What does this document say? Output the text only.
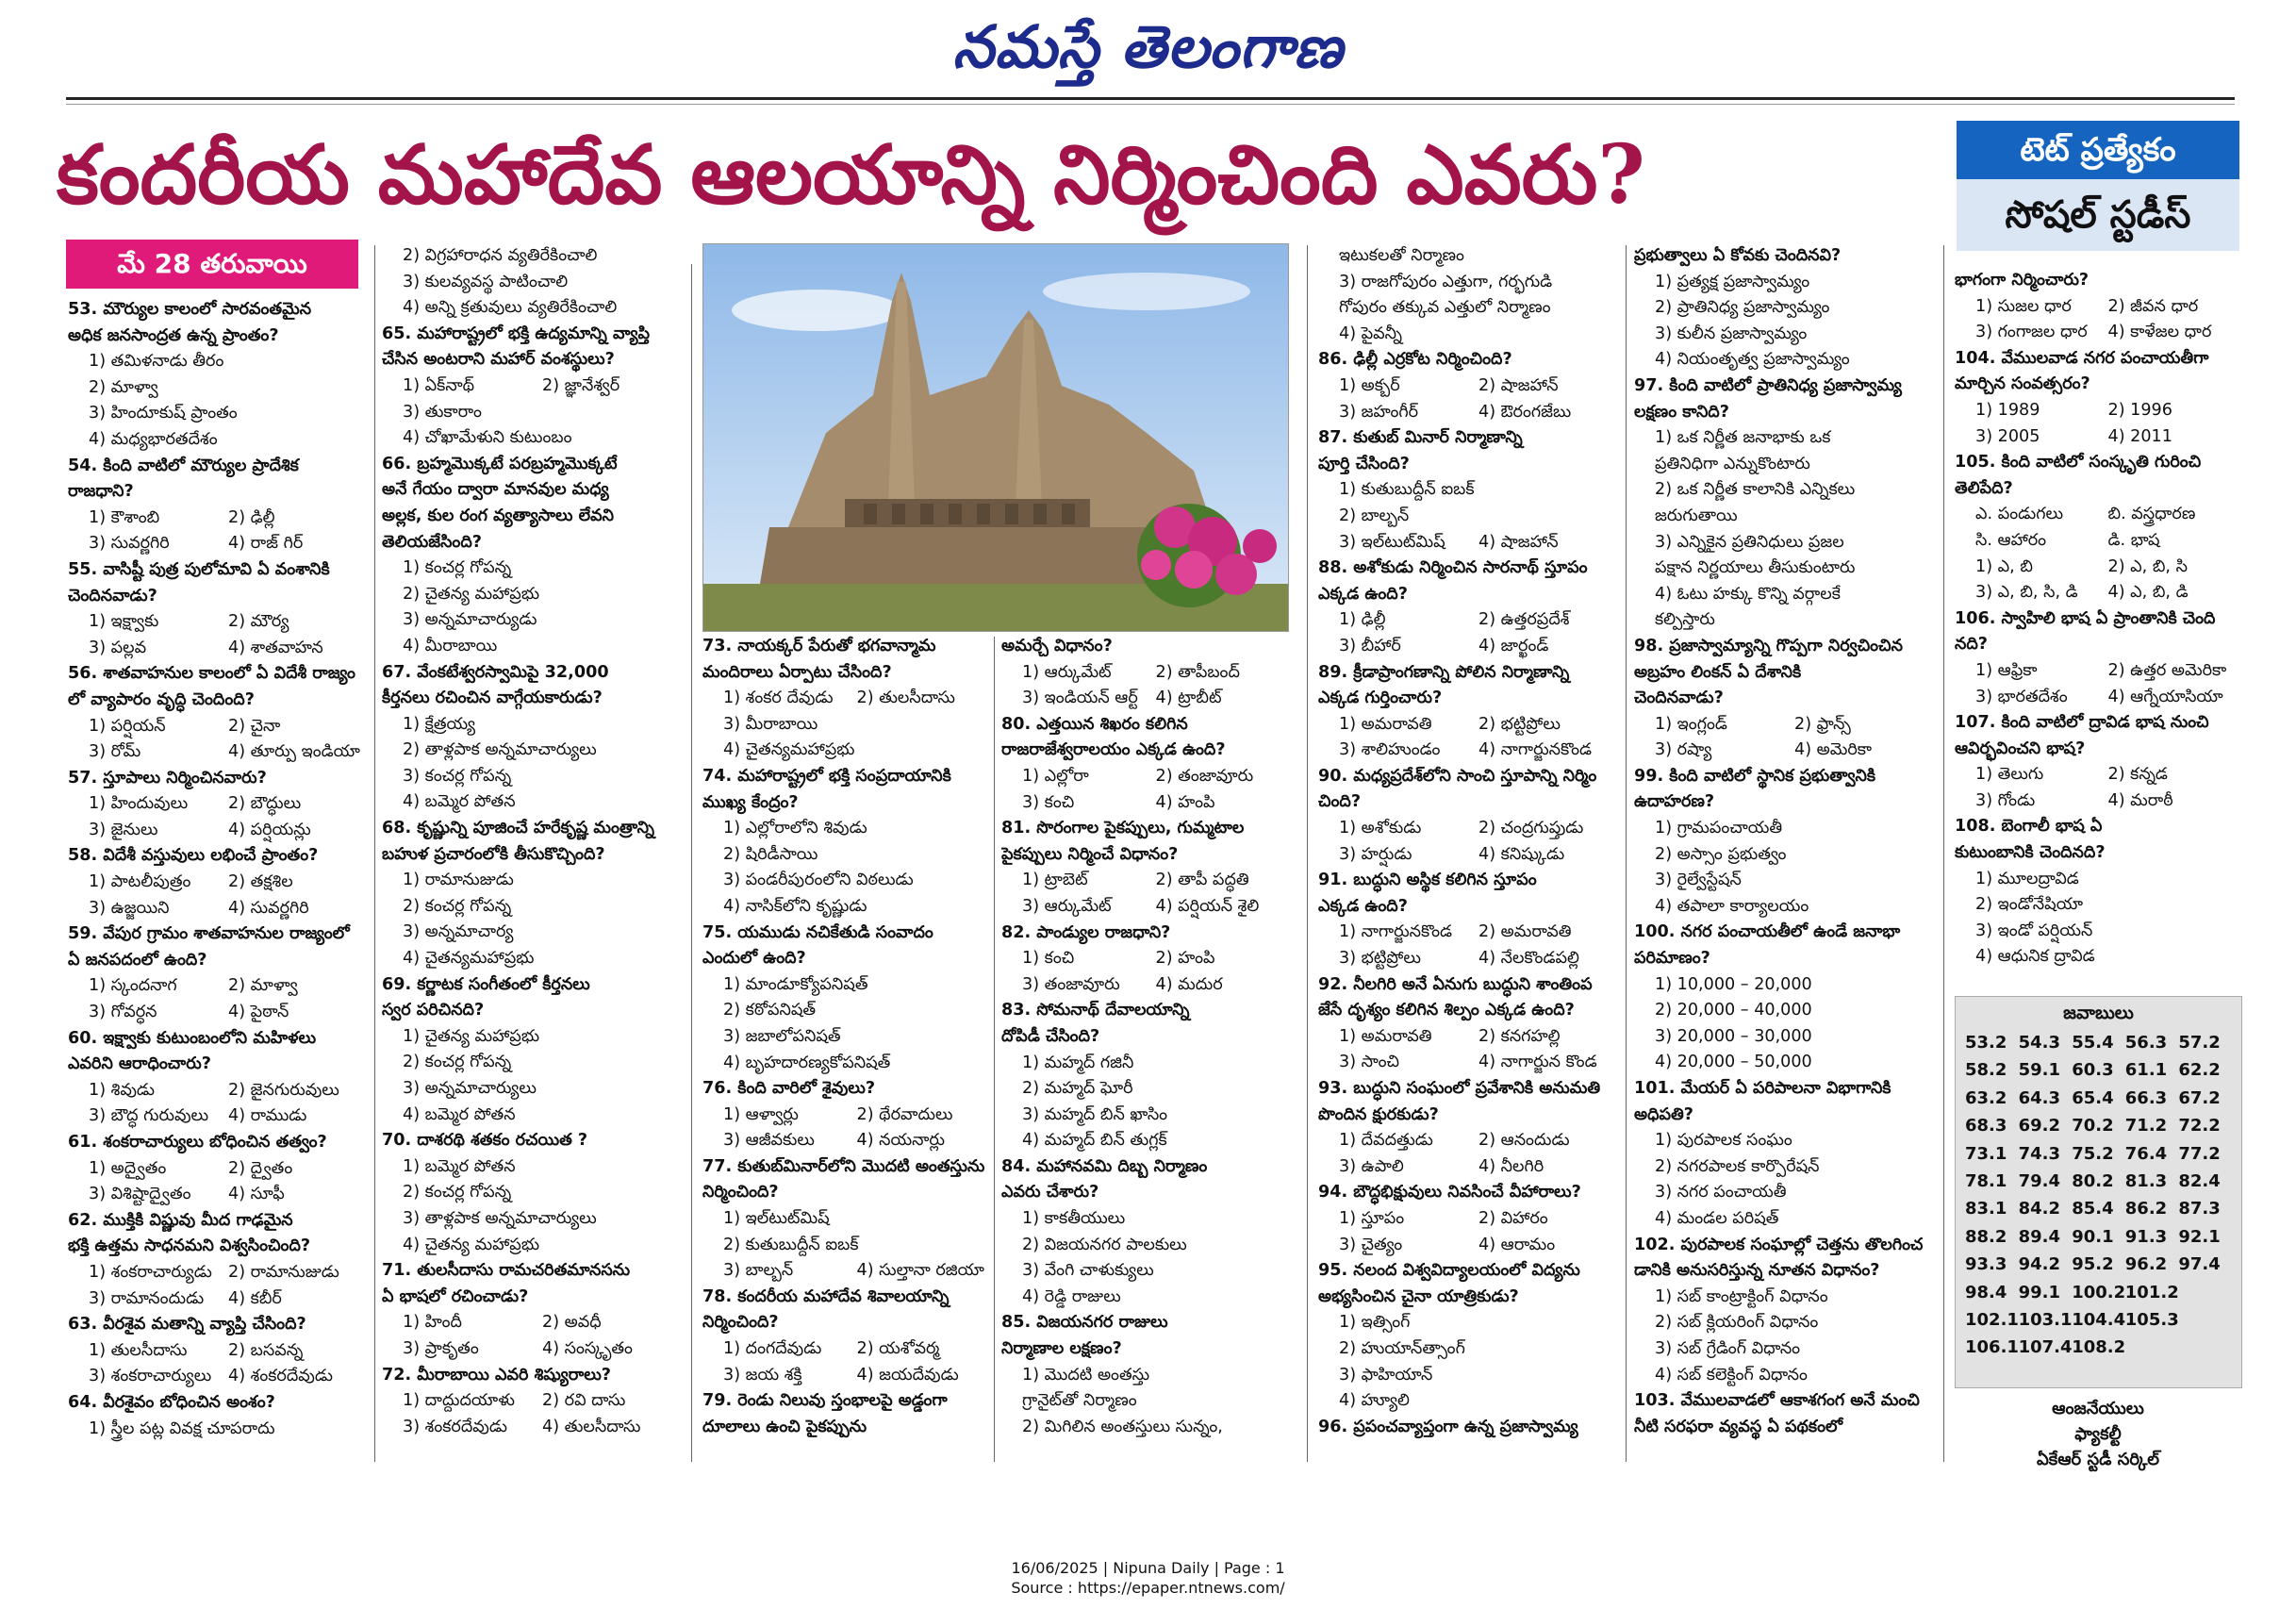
నమస్తే తెలంగాణ
కందరీయ మహాదేవ ఆలయాన్ని నిర్మించింది ఎవరు?	టెట్ ప్రత్యేకం
సోషల్ స్టడీస్
మే 28 తరువాయి
53. మౌర్యుల కాలంలో సారవంతమైన
అధిక జనసాంద్రత ఉన్న ప్రాంతం?
1) తమిళనాడు తీరం
2) మాళ్వా
3) హిందూకుష్ ప్రాంతం
4) మధ్యభారతదేశం
54. కింది వాటిలో మౌర్యుల ప్రాదేశిక
రాజధాని?
1) కౌశాంబి	2) ఢిల్లీ
3) సువర్ణగిరి	4) రాజ్ గిర్
55. వాసిష్టీ పుత్ర పులోమావి ఏ వంశానికి
చెందినవాడు?
1) ఇక్ష్వాకు	2) మౌర్య
3) పల్లవ	4) శాతవాహన
56. శాతవాహనుల కాలంలో ఏ విదేశీ రాజ్యం
లో వ్యాపారం వృద్ధి చెందింది?
1) పర్షియన్	2) చైనా
3) రోమ్	4) తూర్పు ఇండియా
57. స్తూపాలు నిర్మించినవారు?
1) హిందువులు	2) బౌద్ధులు
3) జైనులు	4) పర్షియన్లు
58. విదేశీ వస్తువులు లభించే ప్రాంతం?
1) పాటలీపుత్రం	2) తక్షశిల
3) ఉజ్జయిని	4) సువర్ణగిరి
59. వేపుర గ్రామం శాతవాహనుల రాజ్యంలో
ఏ జనపదంలో ఉంది?
1) స్కందనాగ	2) మాళ్వా
3) గోవర్ధన	4) పైఠాన్
60. ఇక్ష్వాకు కుటుంబంలోని మహిళలు
ఎవరిని ఆరాధించారు?
1) శివుడు	2) జైనగురువులు
3) బౌద్ధ గురువులు	4) రాముడు
61. శంకరాచార్యులు బోధించిన తత్వం?
1) అద్వైతం	2) ద్వైతం
3) విశిష్టాద్వైతం	4) సూఫీ
62. ముక్తికి విష్ణువు మీద గాఢమైన
భక్తి ఉత్తమ సాధనమని విశ్వసించింది?
1) శంకరాచార్యుడు 2) రామానుజుడు
3) రామానందుడు	4) కబీర్
63. వీరశైవ మతాన్ని వ్యాప్తి చేసింది?
1) తులసీదాసు	2) బసవన్న
3) శంకరాచార్యులు	4) శంకరదేవుడు
64. వీరశైవం బోధించిన అంశం?
1) స్త్రీల పట్ల వివక్ష చూపరాదు
2) విగ్రహారాధన వ్యతిరేకించాలి
3) కులవ్యవస్థ పాటించాలి
4) అన్ని క్రతువులు వ్యతిరేకించాలి
65. మహారాష్ట్రలో భక్తి ఉద్యమాన్ని వ్యాప్తి
చేసిన అంటరాని మహార్ వంశస్థులు?
1) ఏక్‌నాథ్	2) జ్ఞానేశ్వర్
3) తుకారాం
4) చోఖామేళుని కుటుంబం
66. బ్రహ్మమొక్కటే పరబ్రహ్మమొక్కటే
అనే గేయం ద్వారా మానవుల మధ్య
అల్లక, కుల రంగ వ్యత్యాసాలు లేవని
తెలియజేసింది?
1) కంచర్ల గోపన్న
2) చైతన్య మహాప్రభు
3) అన్నమాచార్యుడు
4) మీరాబాయి
67. వేంకటేశ్వరస్వామిపై 32,000
కీర్తనలు రచించిన వాగ్గేయకారుడు?
1) క్షేత్రయ్య
2) తాళ్లపాక అన్నమాచార్యులు
3) కంచర్ల గోపన్న
4) బమ్మెర పోతన
68. కృష్ణున్ని పూజించే హరేకృష్ణ మంత్రాన్ని
బహుళ ప్రచారంలోకి తీసుకొచ్చింది?
1) రామానుజుడు
2) కంచర్ల గోపన్న
3) అన్నమాచార్య
4) చైతన్యమహాప్రభు
69. కర్ణాటక సంగీతంలో కీర్తనలు
స్వర పరిచినది?
1) చైతన్య మహాప్రభు
2) కంచర్ల గోపన్న
3) అన్నమాచార్యులు
4) బమ్మెర పోతన
70. దాశరథి శతకం రచయిత ?
1) బమ్మెర పోతన
2) కంచర్ల గోపన్న
3) తాళ్లపాక అన్నమాచార్యులు
4) చైతన్య మహాప్రభు
71. తులసీదాసు రామచరితమానసను
ఏ భాషలో రచించాడు?
1) హిందీ	2) అవధీ
3) ప్రాకృతం	4) సంస్కృతం
72. మీరాబాయి ఎవరి శిష్యురాలు?
1) దాద్దుదయాళు	2) రవి దాసు
3) శంకరదేవుడు	4) తులసీదాసు
73. నాయక్కర్ పేరుతో భగవాన్మామ
మందిరాలు ఏర్పాటు చేసింది?
1) శంకర దేవుడు	2) తులసీదాసు
3) మీరాబాయి
4) చైతన్యమహాప్రభు
74. మహారాష్ట్రలో భక్తి సంప్రదాయానికి
ముఖ్య కేంద్రం?
1) ఎల్లోరాలోని శివుడు
2) షిరిడీసాయి
3) పండరీపురంలోని విఠలుడు
4) నాసిక్‌లోని కృష్ణుడు
75. యముడు నచికేతుడి సంవాదం
ఎందులో ఉంది?
1) మాండూక్యోపనిషత్
2) కఠోపనిషత్
3) జబాలోపనిషత్
4) బృహదారణ్యకోపనిషత్
76. కింది వారిలో శైవులు?
1) ఆళ్వార్లు	2) థేరవాదులు
3) ఆజీవకులు	4) నయనార్లు
77. కుతుబ్‌మినార్‌లోని మొదటి అంతస్తును
నిర్మించింది?
1) ఇల్‌టుట్‌మిష్
2) కుతుబుద్దీన్ ఐబక్
3) బాల్బన్	4) సుల్తానా రజియా
78. కందరీయ మహాదేవ శివాలయాన్ని
నిర్మించింది?
1) దంగదేవుడు	2) యశోవర్మ
3) జయ శక్తి	4) జయదేవుడు
79. రెండు నిలువు స్తంభాలపై అడ్డంగా
దూలాలు ఉంచి పైకప్పును
అమర్చే విధానం?
1) ఆర్కుమేట్	2) తాపీబంద్
3) ఇండియన్ ఆర్ట్	4) ట్రాబీట్
80. ఎత్తయిన శిఖరం కలిగిన
రాజరాజేశ్వరాలయం ఎక్కడ ఉంది?
1) ఎల్లోరా	2) తంజావూరు
3) కంచి	4) హంపి
81. సొరంగాల పైకప్పులు, గుమ్మటాల
పైకప్పులు నిర్మించే విధానం?
1) ట్రాబెట్	2) తాపీ పద్ధతి
3) ఆర్కుమేట్	4) పర్షియన్ శైలి
82. పాండ్యుల రాజధాని?
1) కంచి	2) హంపి
3) తంజావూరు	4) మదుర
83. సోమనాథ్ దేవాలయాన్ని
దోపిడీ చేసింది?
1) మహ్మద్ గజినీ
2) మహ్మద్ ఘోరీ
3) మహ్మద్ బిన్ ఖాసిం
4) మహ్మద్ బిన్ తుగ్లక్
84. మహానవమి దిబ్బ నిర్మాణం
ఎవరు చేశారు?
1) కాకతీయులు
2) విజయనగర పాలకులు
3) వేంగి చాళుక్యులు
4) రెడ్డి రాజులు
85. విజయనగర రాజులు
నిర్మాణాల లక్షణం?
1) మొదటి అంతస్తు
గ్రానైట్‌తో నిర్మాణం
2) మిగిలిన అంతస్తులు సున్నం,
ఇటుకలతో నిర్మాణం
3) రాజగోపురం ఎత్తుగా, గర్భగుడి
గోపురం తక్కువ ఎత్తులో నిర్మాణం
4) పైవన్నీ
86. ఢిల్లీ ఎర్రకోట నిర్మించింది?
1) అక్బర్	2) షాజహాన్
3) జహంగీర్	4) ఔరంగజేబు
87. కుతుబ్ మినార్ నిర్మాణాన్ని
పూర్తి చేసింది?
1) కుతుబుద్దీన్ ఐబక్
2) బాల్బన్
3) ఇల్‌టుట్‌మిష్	4) షాజహాన్
88. అశోకుడు నిర్మించిన సారనాథ్ స్తూపం
ఎక్కడ ఉంది?
1) ఢిల్లీ	2) ఉత్తరప్రదేశ్
3) బీహార్	4) జార్ఖండ్
89. క్రీడాప్రాంగణాన్ని పోలిన నిర్మాణాన్ని
ఎక్కడ గుర్తించారు?
1) అమరావతి	2) భట్టిప్రోలు
3) శాలిహుండం	4) నాగార్జునకొండ
90. మధ్యప్రదేశ్‌లోని సాంచి స్తూపాన్ని నిర్మిం
చింది?
1) అశోకుడు	2) చంద్రగుప్తుడు
3) హర్షుడు	4) కనిష్కుడు
91. బుద్ధుని అస్థిక కలిగిన స్తూపం
ఎక్కడ ఉంది?
1) నాగార్జునకొండ	2) అమరావతి
3) భట్టిప్రోలు	4) నేలకొండపల్లి
92. నీలగిరి అనే ఏనుగు బుద్ధుని శాంతింప
జేసే దృశ్యం కలిగిన శిల్పం ఎక్కడ ఉంది?
1) అమరావతి	2) కనగహల్లి
3) సాంచి	4) నాగార్జున కొండ
93. బుద్ధుని సంఘంలో ప్రవేశానికి అనుమతి
పొందిన క్షురకుడు?
1) దేవదత్తుడు	2) ఆనందుడు
3) ఉపాలి	4) నీలగిరి
94. బౌద్ధభిక్షువులు నివసించే వీహారాలు?
1) స్తూపం	2) విహారం
3) చైత్యం	4) ఆరామం
95. నలంద విశ్వవిద్యాలయంలో విద్యను
అభ్యసించిన చైనా యాత్రికుడు?
1) ఇత్సింగ్
2) హుయాన్‌త్సాంగ్
3) ఫాహియాన్
4) హ్యూలి
96. ప్రపంచవ్యాప్తంగా ఉన్న ప్రజాస్వామ్య
ప్రభుత్వాలు ఏ కోవకు చెందినవి?
1) ప్రత్యక్ష ప్రజాస్వామ్యం
2) ప్రాతినిధ్య ప్రజాస్వామ్యం
3) కులీన ప్రజాస్వామ్యం
4) నియంతృత్వ ప్రజాస్వామ్యం
97. కింది వాటిలో ప్రాతినిధ్య ప్రజాస్వామ్య
లక్షణం కానిది?
1) ఒక నిర్ణీత జనాభాకు ఒక
ప్రతినిధిగా ఎన్నుకొంటారు
2) ఒక నిర్ణీత కాలానికి ఎన్నికలు
జరుగుతాయి
3) ఎన్నికైన ప్రతినిధులు ప్రజల
పక్షాన నిర్ణయాలు తీసుకుంటారు
4) ఓటు హక్కు కొన్ని వర్గాలకే
కల్పిస్తారు
98. ప్రజాస్వామ్యాన్ని గొప్పగా నిర్వచించిన
అబ్రహం లింకన్ ఏ దేశానికి
చెందినవాడు?
1) ఇంగ్లండ్	2) ఫ్రాన్స్
3) రష్యా	4) అమెరికా
99. కింది వాటిలో స్థానిక ప్రభుత్వానికి
ఉదాహరణ?
1) గ్రామపంచాయతీ
2) అస్సాం ప్రభుత్వం
3) రైల్వేస్టేషన్
4) తపాలా కార్యాలయం
100. నగర పంచాయతీలో ఉండే జనాభా
పరిమాణం?
1) 10,000 – 20,000
2) 20,000 – 40,000
3) 20,000 – 30,000
4) 20,000 – 50,000
101. మేయర్ ఏ పరిపాలనా విభాగానికి
అధిపతి?
1) పురపాలక సంఘం
2) నగరపాలక కార్పొరేషన్
3) నగర పంచాయతీ
4) మండల పరిషత్
102. పురపాలక సంఘాల్లో చెత్తను తొలగించ
డానికి అనుసరిస్తున్న నూతన విధానం?
1) సబ్ కాంట్రాక్టింగ్ విధానం
2) సబ్ క్లియరింగ్ విధానం
3) సబ్ గ్రేడింగ్ విధానం
4) సబ్ కలెక్టింగ్ విధానం
103. వేములవాడలో ఆకాశగంగ అనే మంచి
నీటి సరఫరా వ్యవస్థ ఏ పథకంలో
భాగంగా నిర్మించారు?
1) సుజల ధార	2) జీవన ధార
3) గంగాజల ధార	4) కాళేజల ధార
104. వేములవాడ నగర పంచాయతీగా
మార్చిన సంవత్సరం?
1) 1989	2) 1996
3) 2005	4) 2011
105. కింది వాటిలో సంస్కృతి గురించి
తెలిపేది?
ఎ. పండుగలు	బి. వస్త్రధారణ
సి. ఆహారం	డి. భాష
1) ఎ, బి	2) ఎ, బి, సి
3) ఎ, బి, సి, డి	4) ఎ, బి, డి
106. స్వాహిలి భాష ఏ ప్రాంతానికి చెంది
నది?
1) ఆఫ్రికా	2) ఉత్తర అమెరికా
3) భారతదేశం	4) ఆగ్నేయాసియా
107. కింది వాటిలో ద్రావిడ భాష నుంచి
ఆవిర్భవించని భాష?
1) తెలుగు	2) కన్నడ
3) గోండు	4) మరాఠీ
108. బెంగాలీ భాష ఏ
కుటుంబానికి చెందినది?
1) మూలద్రావిడ
2) ఇండోనేషియా
3) ఇండో పర్షియన్
4) ఆధునిక ద్రావిడ
జవాబులు
53.2 54.3 55.4 56.3 57.2
58.2 59.1 60.3 61.1 62.2
63.2 64.3 65.4 66.3 67.2
68.3 69.2 70.2 71.2 72.2
73.1 74.3 75.2 76.4 77.2
78.1 79.4 80.2 81.3 82.4
83.1 84.2 85.4 86.2 87.3
88.2 89.4 90.1 91.3 92.1
93.3 94.2 95.2 96.2 97.4
98.4 99.1 100.2 101.2
102.1 103.1 104.4 105.3
106.1 107.4 108.2
ఆంజనేయులు
ఫ్యాకల్టీ
ఏకేఆర్ స్టడీ సర్కిల్
16/06/2025 | Nipuna Daily | Page : 1
Source : https://epaper.ntnews.com/
